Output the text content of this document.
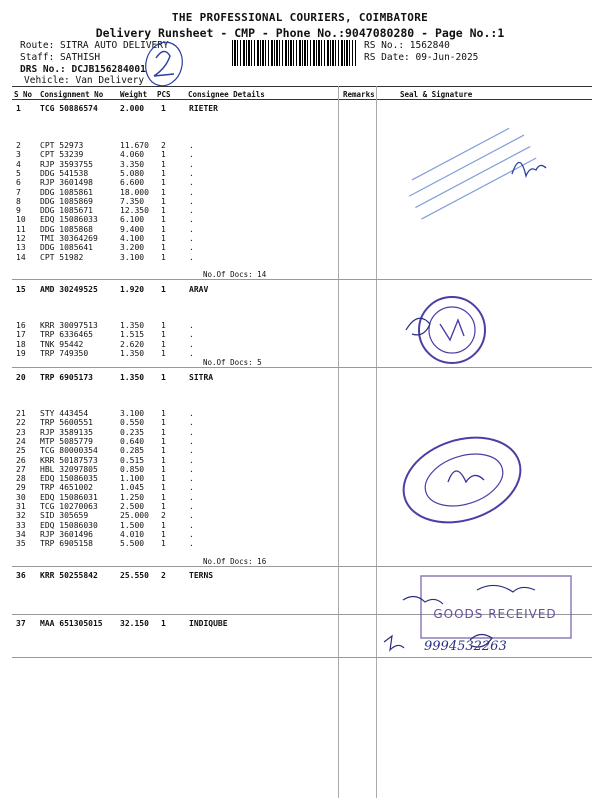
THE PROFESSIONAL COURIERS, COIMBATORE
Delivery Runsheet - CMP - Phone No.:9047080280 - Page No.:1
Route: SITRA AUTO DELIVERY
Staff: SATHISH
DRS No.: DCJB156284001
Vehicle: Van Delivery
RS No.: 1562840
RS Date: 09-Jun-2025
S No Consignment No Weight PCS Consignee Details	Remarks	Seal & Signature
1 TCG 50886574	2.000 1	RIETER
2 CPT 52973	11.670 2	.
3 CPT 53239	4.060 1	.
4 RJP 3593755	3.350 1	.
5 DDG 541538	5.080 1	.
6 RJP 3601498	6.600 1	.
7 DDG 1085861	18.000 1	.
8 DDG 1085869	7.350 1	.
9 DDG 1085671	12.350 1	.
10 EDQ 15086033	6.100 1	.
11 DDG 1085868	9.400 1	.
12 TMI 30364269	4.100 1	.
13 DDG 1085641	3.200 1	.
14 CPT 51982	3.100 1	.
No.Of Docs: 14
15 AMD 30249525	1.920 1	ARAV
16 KRR 30097513	1.350 1	.
17 TRP 6336465	1.515 1	.
18 TNK 95442	2.620 1	.
19 TRP 749350	1.350 1	.
No.Of Docs: 5
20 TRP 6905173	1.350 1	SITRA
21 STY 443454	3.100 1	.
22 TRP 5600551	0.550 1	.
23 RJP 3589135	0.235 1	.
24 MTP 5085779	0.640 1	.
25 TCG 80000354	0.285 1	.
26 KRR 50187573	0.515 1	.
27 HBL 32097805	0.850 1	.
28 EDQ 15086035	1.100 1	.
29 TRP 4651002	1.045 1	.
30 EDQ 15086031	1.250 1	.
31 TCG 10270063	2.500 1	.
32 SID 305659	25.000 2	.
33 EDQ 15086030	1.500 1	.
34 RJP 3601496	4.010 1	.
35 TRP 6905158	5.500 1	.
No.Of Docs: 16
36 KRR 50255842	25.550 2	TERNS
37 MAA 651305015 32.150 1	INDIQUBE
GOODS RECEIVED
9994532263
